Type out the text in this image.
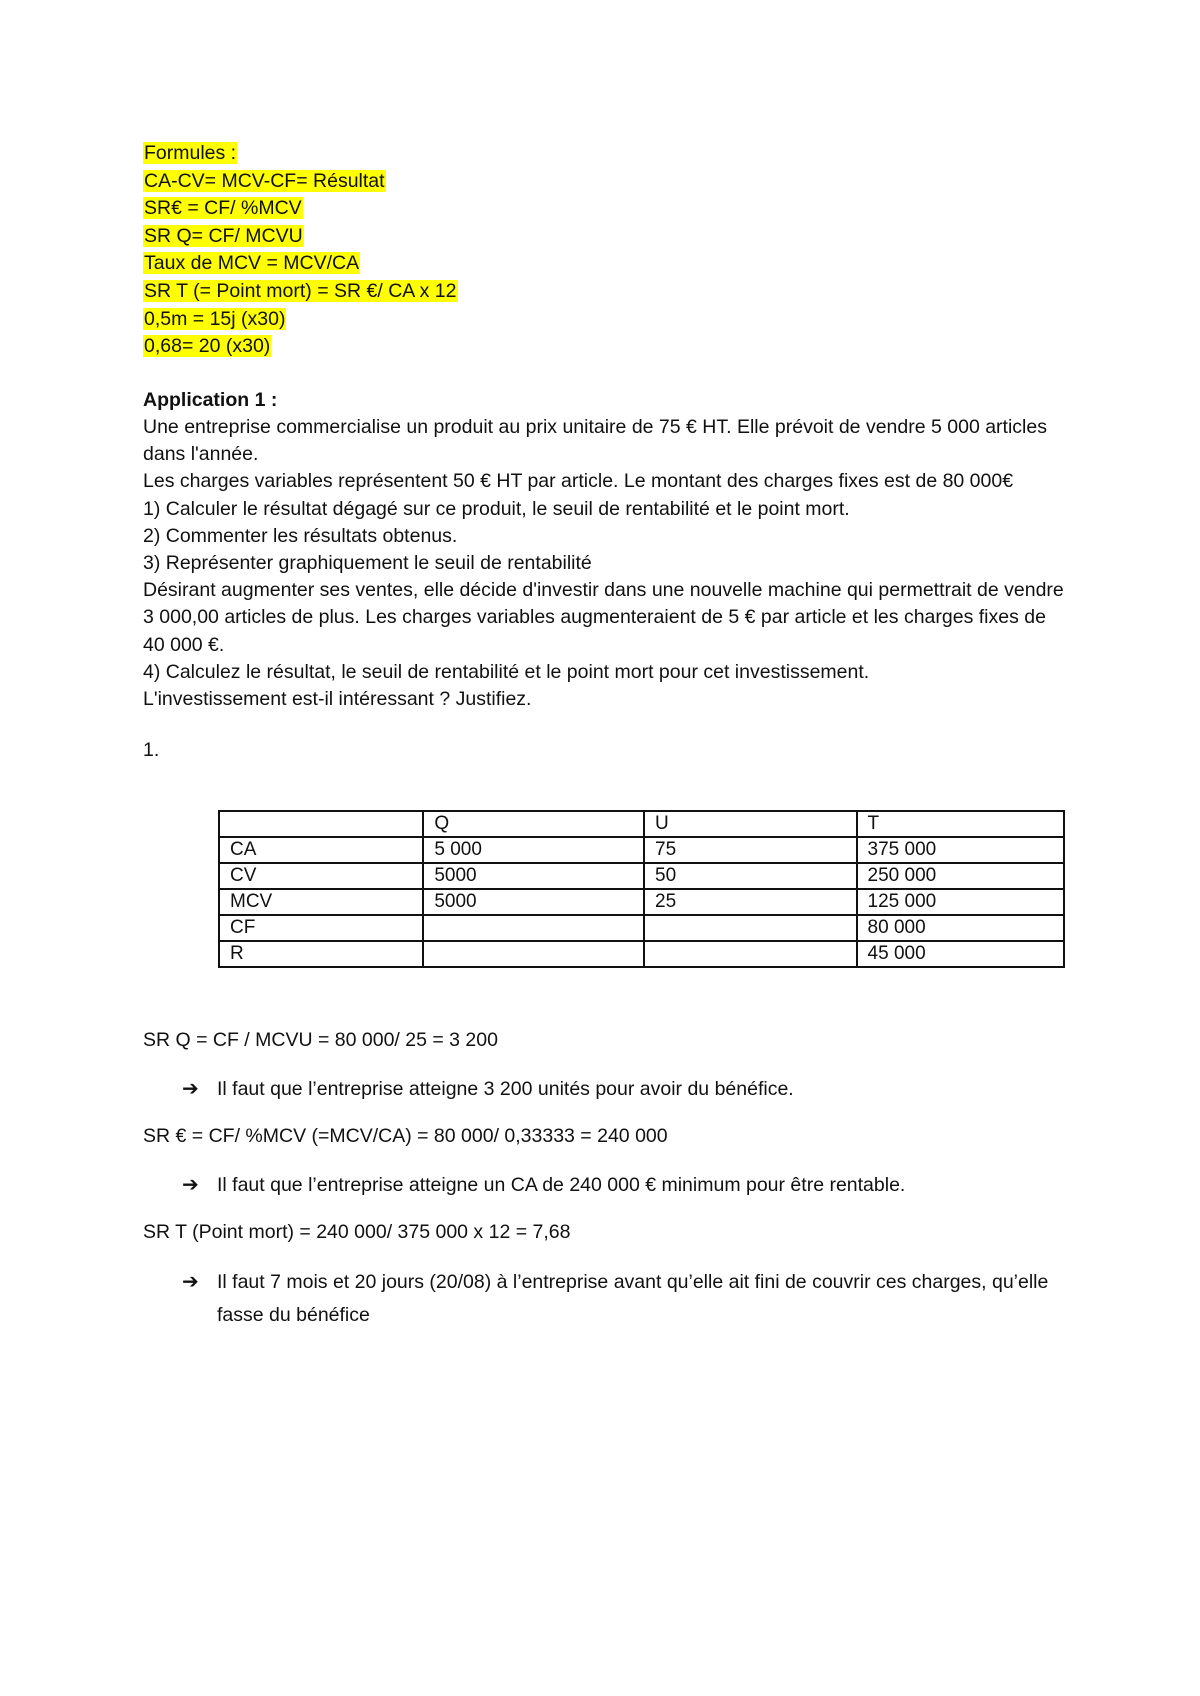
Formules :
CA-CV= MCV-CF= Résultat
SR€ = CF/ %MCV
SR Q= CF/ MCVU
Taux de MCV = MCV/CA
SR T (= Point mort) = SR €/ CA x 12
0,5m = 15j (x30)
0,68= 20 (x30)
Application 1 :
Une entreprise commercialise un produit au prix unitaire de 75 € HT. Elle prévoit de vendre 5 000 articles dans l'année.
Les charges variables représentent 50 € HT par article. Le montant des charges fixes est de 80 000€
1) Calculer le résultat dégagé sur ce produit, le seuil de rentabilité et le point mort.
2) Commenter les résultats obtenus.
3) Représenter graphiquement le seuil de rentabilité
Désirant augmenter ses ventes, elle décide d'investir dans une nouvelle machine qui permettrait de vendre 3 000,00 articles de plus. Les charges variables augmenteraient de 5 € par article et les charges fixes de 40 000 €.
4) Calculez le résultat, le seuil de rentabilité et le point mort pour cet investissement.
L'investissement est-il intéressant ? Justifiez.
1.
	Q	U	T
CA	5 000	75	375 000
CV	5000	50	250 000
MCV	5000	25	125 000
CF			80 000
R			45 000
SR Q = CF / MCVU = 80 000/ 25 = 3 200
➔ Il faut que l’entreprise atteigne 3 200 unités pour avoir du bénéfice.
SR € = CF/ %MCV (=MCV/CA) = 80 000/ 0,33333 = 240 000
➔ Il faut que l’entreprise atteigne un CA de 240 000 € minimum pour être rentable.
SR T (Point mort) = 240 000/ 375 000 x 12 = 7,68
➔ Il faut 7 mois et 20 jours (20/08) à l’entreprise avant qu’elle ait fini de couvrir ces charges, qu’elle fasse du bénéfice
